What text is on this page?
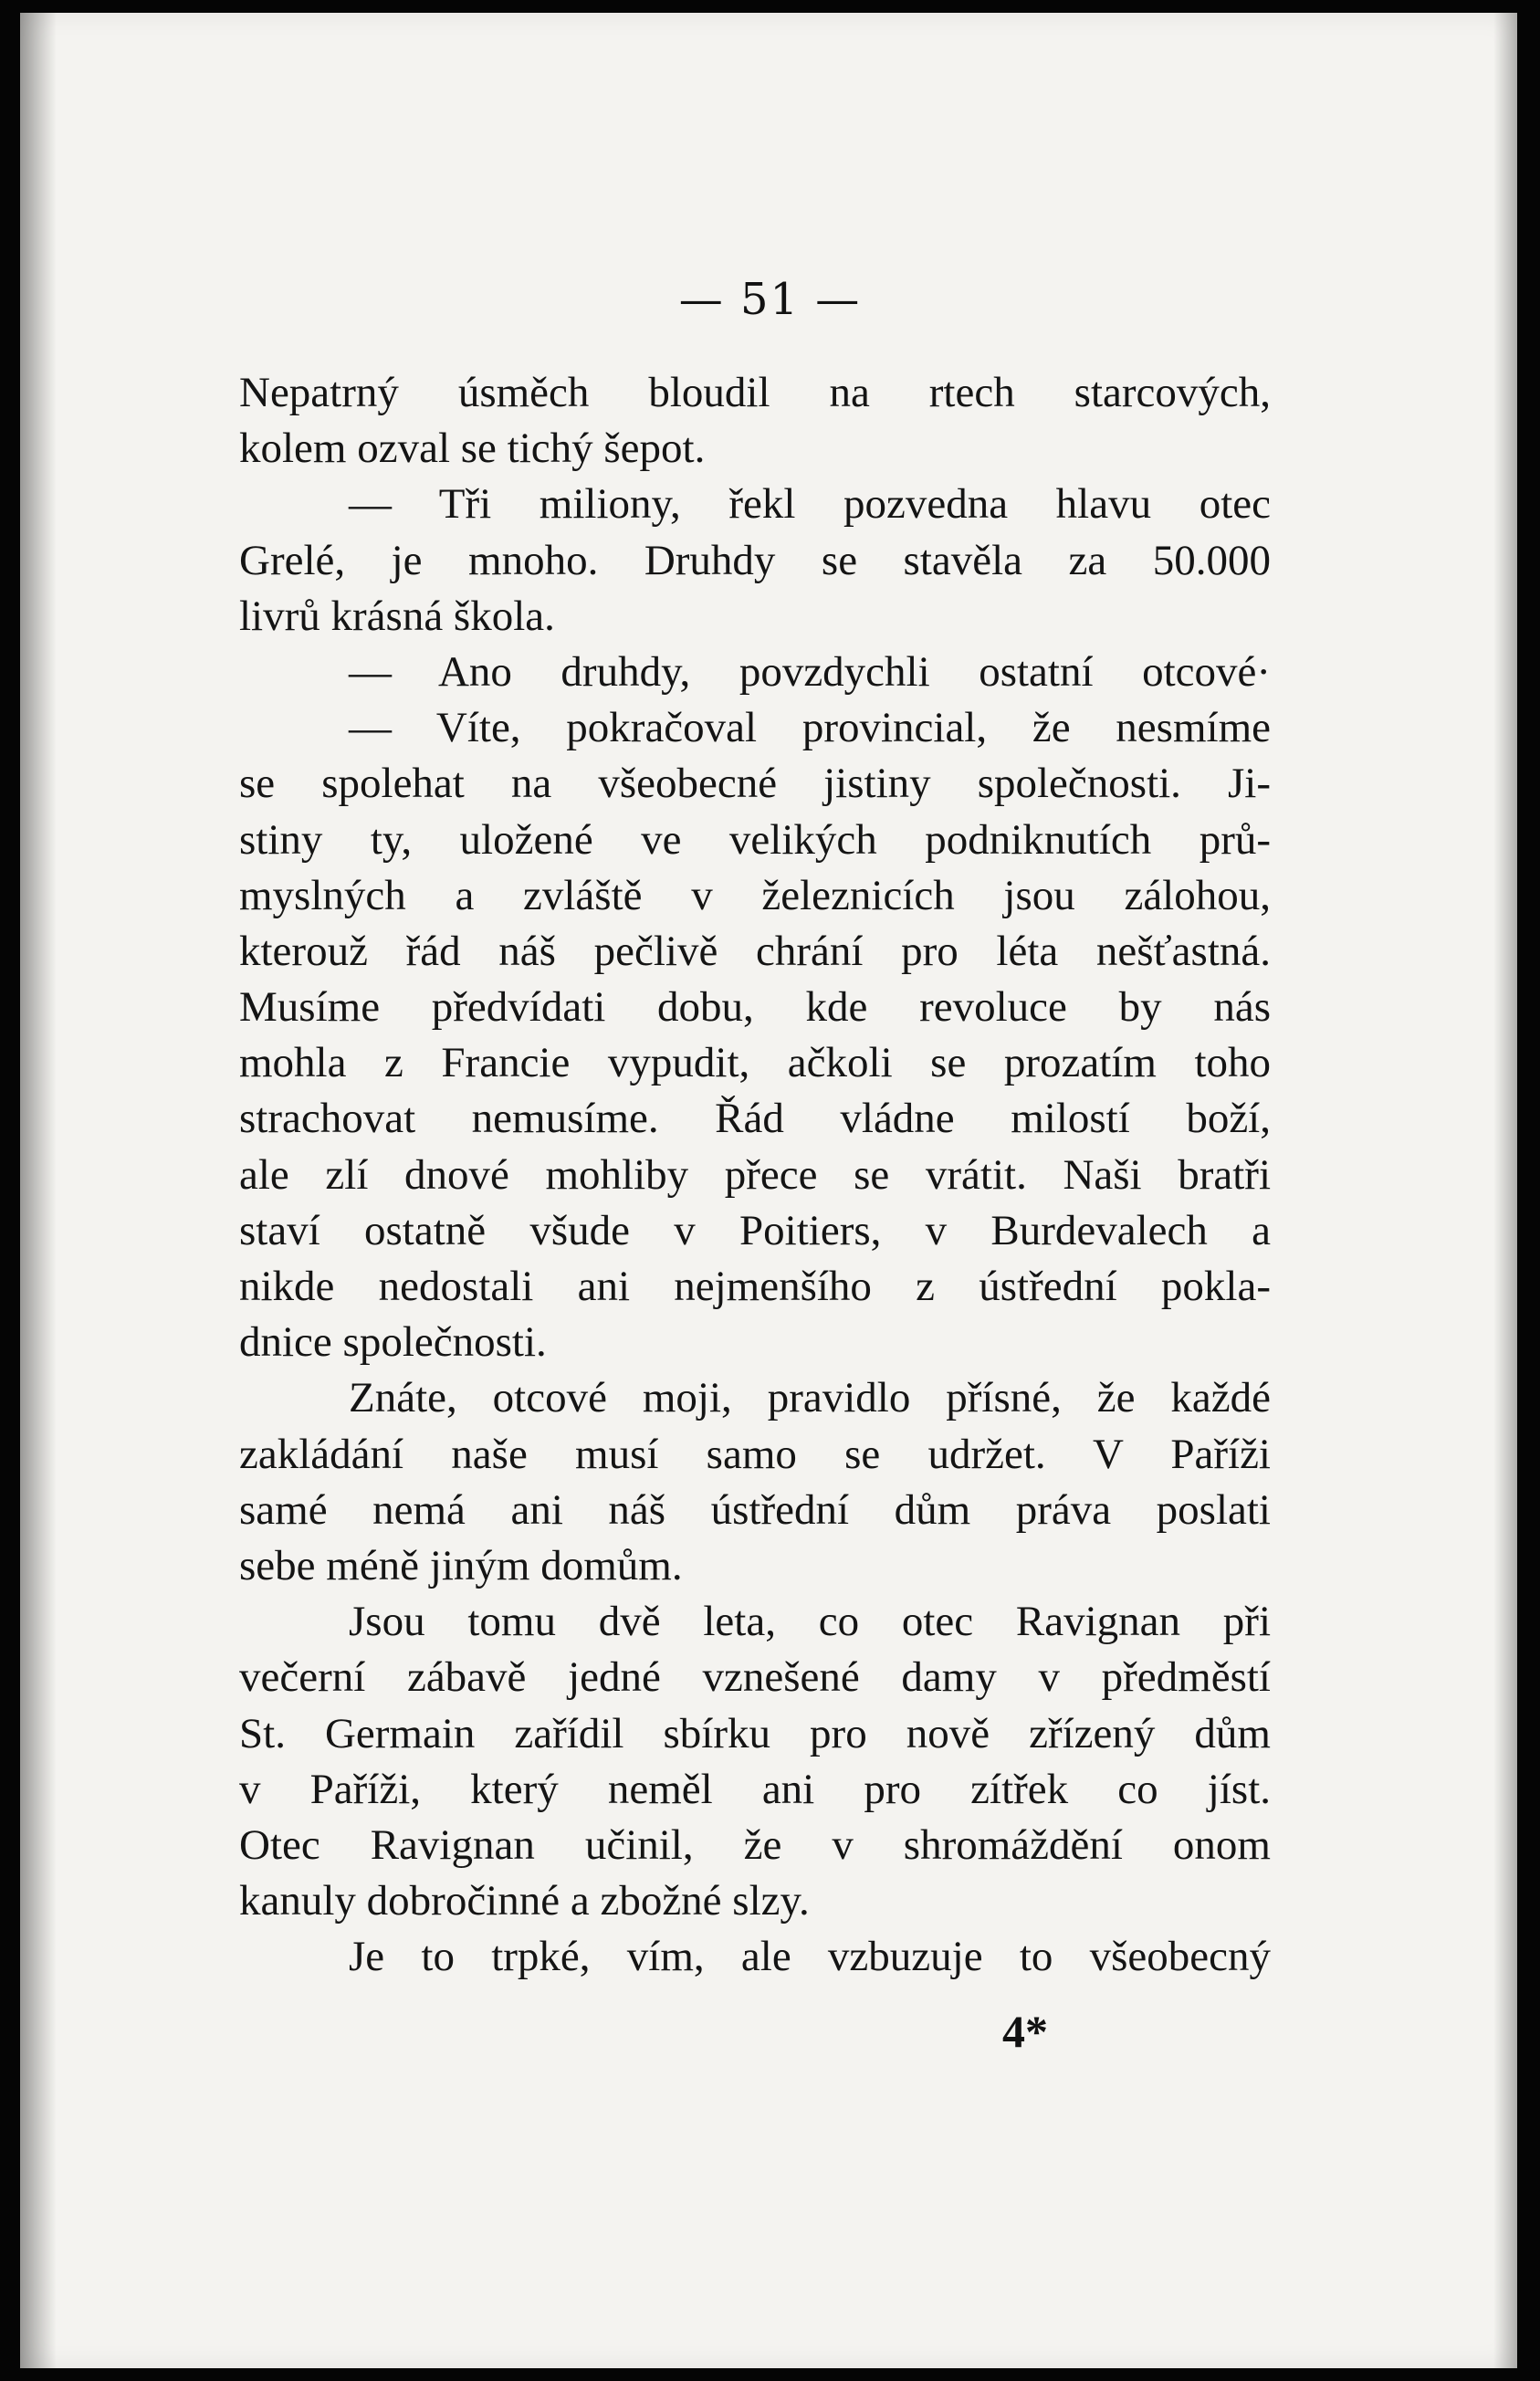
— 51 —
Nepatrný úsměch bloudil na rtech starcových,
kolem ozval se tichý šepot.
— Tři miliony, řekl pozvedna hlavu otec
Grelé, je mnoho. Druhdy se stavěla za 50.000
livrů krásná škola.
— Ano druhdy, povzdychli ostatní otcové·
— Víte, pokračoval provincial, že nesmíme
se spolehat na všeobecné jistiny společnosti. Ji-
stiny ty, uložené ve velikých podniknutích prů-
myslných a zvláště v železnicích jsou zálohou,
kterouž řád náš pečlivě chrání pro léta nešťastná.
Musíme předvídati dobu, kde revoluce by nás
mohla z Francie vypudit, ačkoli se prozatím toho
strachovat nemusíme. Řád vládne milostí boží,
ale zlí dnové mohliby přece se vrátit. Naši bratři
staví ostatně všude v Poitiers, v Burdevalech a
nikde nedostali ani nejmenšího z ústřední pokla-
dnice společnosti.
Znáte, otcové moji, pravidlo přísné, že každé
zakládání naše musí samo se udržet. V Paříži
samé nemá ani náš ústřední dům práva poslati
sebe méně jiným domům.
Jsou tomu dvě leta, co otec Ravignan při
večerní zábavě jedné vznešené damy v předměstí
St. Germain zařídil sbírku pro nově zřízený dům
v Paříži, který neměl ani pro zítřek co jíst.
Otec Ravignan učinil, že v shromáždění onom
kanuly dobročinné a zbožné slzy.
Je to trpké, vím, ale vzbuzuje to všeobecný
4*
